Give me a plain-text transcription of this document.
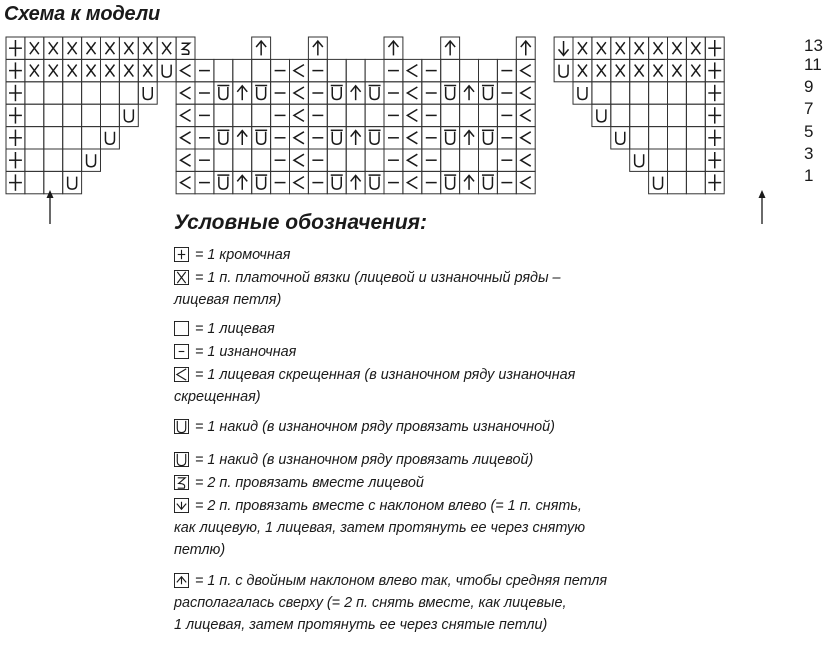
Схема к модели
13
11
9
7
5
3
1
Условные обозначения:
= 1 кромочная
= 1 п. платочной вязки (лицевой и изнаночный ряды –
лицевая петля)
= 1 лицевая
= 1 изнаночная
= 1 лицевая скрещенная (в изнаночном ряду изнаночная
скрещенная)
= 1 накид (в изнаночном ряду провязать изнаночной)
= 1 накид (в изнаночном ряду провязать лицевой)
= 2 п. провязать вместе лицевой
= 2 п. провязать вместе с наклоном влево (= 1 п. снять,
как лицевую, 1 лицевая, затем протянуть ее через снятую
петлю)
= 1 п. с двойным наклоном влево так, чтобы средняя петля
располагалась сверху (= 2 п. снять вместе, как лицевые,
1 лицевая, затем протянуть ее через снятые петли)
